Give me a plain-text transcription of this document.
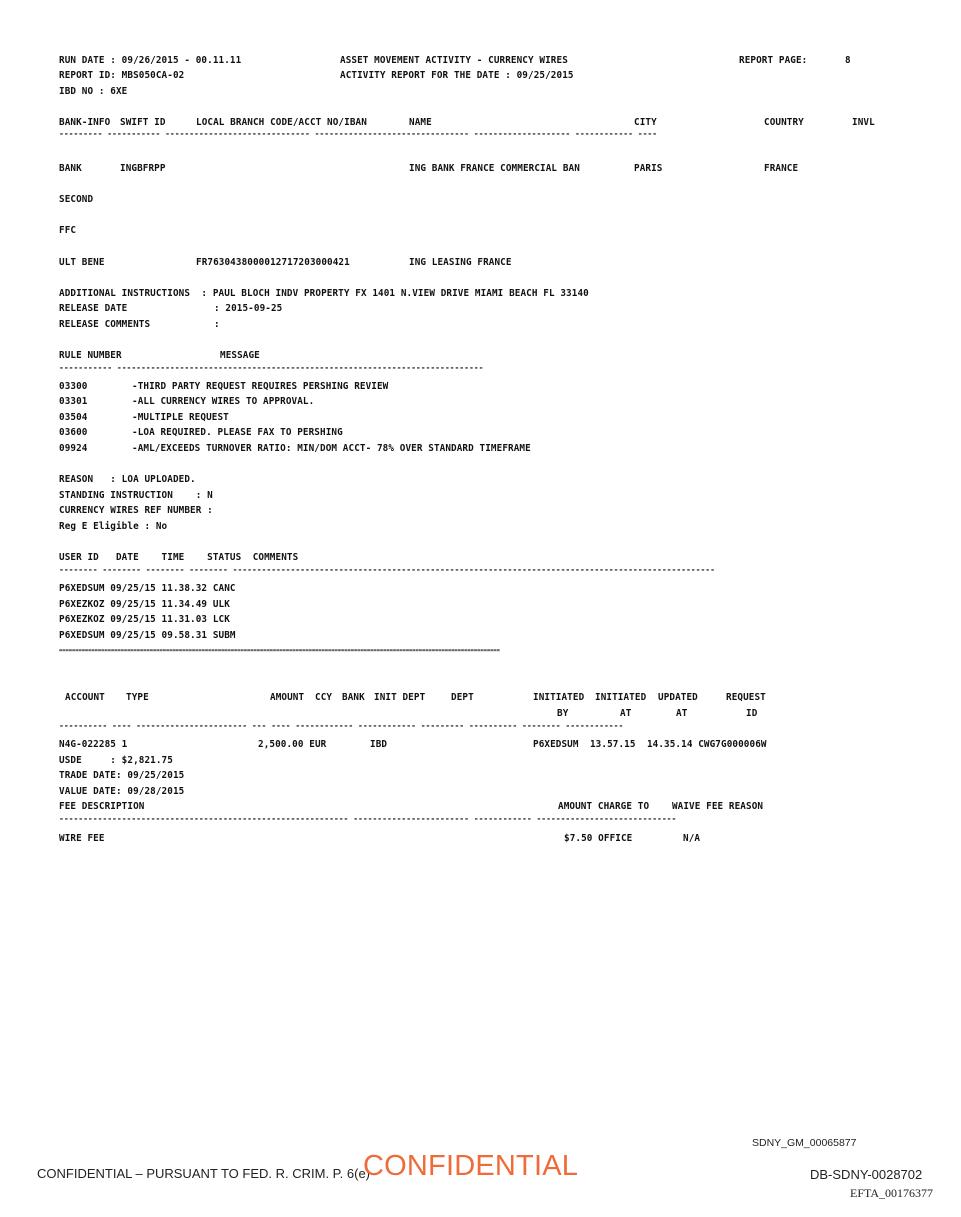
RUN DATE : 09/26/2015 - 00.11.11
REPORT ID: MBS050CA-02
IBD NO : 6XE
ASSET MOVEMENT ACTIVITY - CURRENCY WIRES
ACTIVITY REPORT FOR THE DATE : 09/25/2015
REPORT PAGE:	8
BANK-INFO SWIFT ID	LOCAL BRANCH CODE/ACCT NO/IBAN	NAME	CITY	COUNTRY	INVL
--------- ----------- ------------------------------ -------------------------------- -------------------- ------------ ----
BANK	INGBFRPP	ING BANK FRANCE COMMERCIAL BAN	PARIS	FRANCE
SECOND
FFC
ULT BENE	FR7630438000012717203000421	ING LEASING FRANCE
ADDITIONAL INSTRUCTIONS  : PAUL BLOCH INDV PROPERTY FX 1401 N.VIEW DRIVE MIAMI BEACH FL 33140
RELEASE DATE	: 2015-09-25
RELEASE COMMENTS	:
RULE NUMBER	MESSAGE
----------- ----------------------------------------------------------------------------
03300	-THIRD PARTY REQUEST REQUIRES PERSHING REVIEW
03301	-ALL CURRENCY WIRES TO APPROVAL.
03504	-MULTIPLE REQUEST
03600	-LOA REQUIRED. PLEASE FAX TO PERSHING
09924	-AML/EXCEEDS TURNOVER RATIO: MIN/DOM ACCT- 78% OVER STANDARD TIMEFRAME
REASON   : LOA UPLOADED.
STANDING INSTRUCTION    : N
CURRENCY WIRES REF NUMBER :
Reg E Eligible : No
USER ID   DATE    TIME    STATUS  COMMENTS
-------- -------- -------- -------- ----------------------------------------------------------------------------------------------------
P6XEDSUM 09/25/15 11.38.32 CANC
P6XEZKOZ 09/25/15 11.34.49 ULK
P6XEZKOZ 09/25/15 11.31.03 LCK
P6XEDSUM 09/25/15 09.58.31 SUBM
========================================================================================================================================
ACCOUNT TYPE	AMOUNT CCY BANK INIT DEPT	DEPT	INITIATED INITIATED UPDATED	REQUEST
BY	AT	AT	ID
---------- ---- ----------------------- --- ---- ------------ ------------ --------- ---------- -------- ------------
N4G-022285 1	2,500.00 EUR	IBD	P6XEDSUM  13.57.15  14.35.14 CWG7G000006W
USDE     : $2,821.75
TRADE DATE: 09/25/2015
VALUE DATE: 09/28/2015
FEE DESCRIPTION	AMOUNT CHARGE TO    WAIVE FEE REASON
------------------------------------------------------------ ------------------------ ------------ -----------------------------
WIRE FEE	$7.50 OFFICE	N/A
SDNY_GM_00065877
CONFIDENTIAL – PURSUANT TO FED. R. CRIM. P. 6(e)
CONFIDENTIAL	DB-SDNY-0028702
EFTA_00176377
